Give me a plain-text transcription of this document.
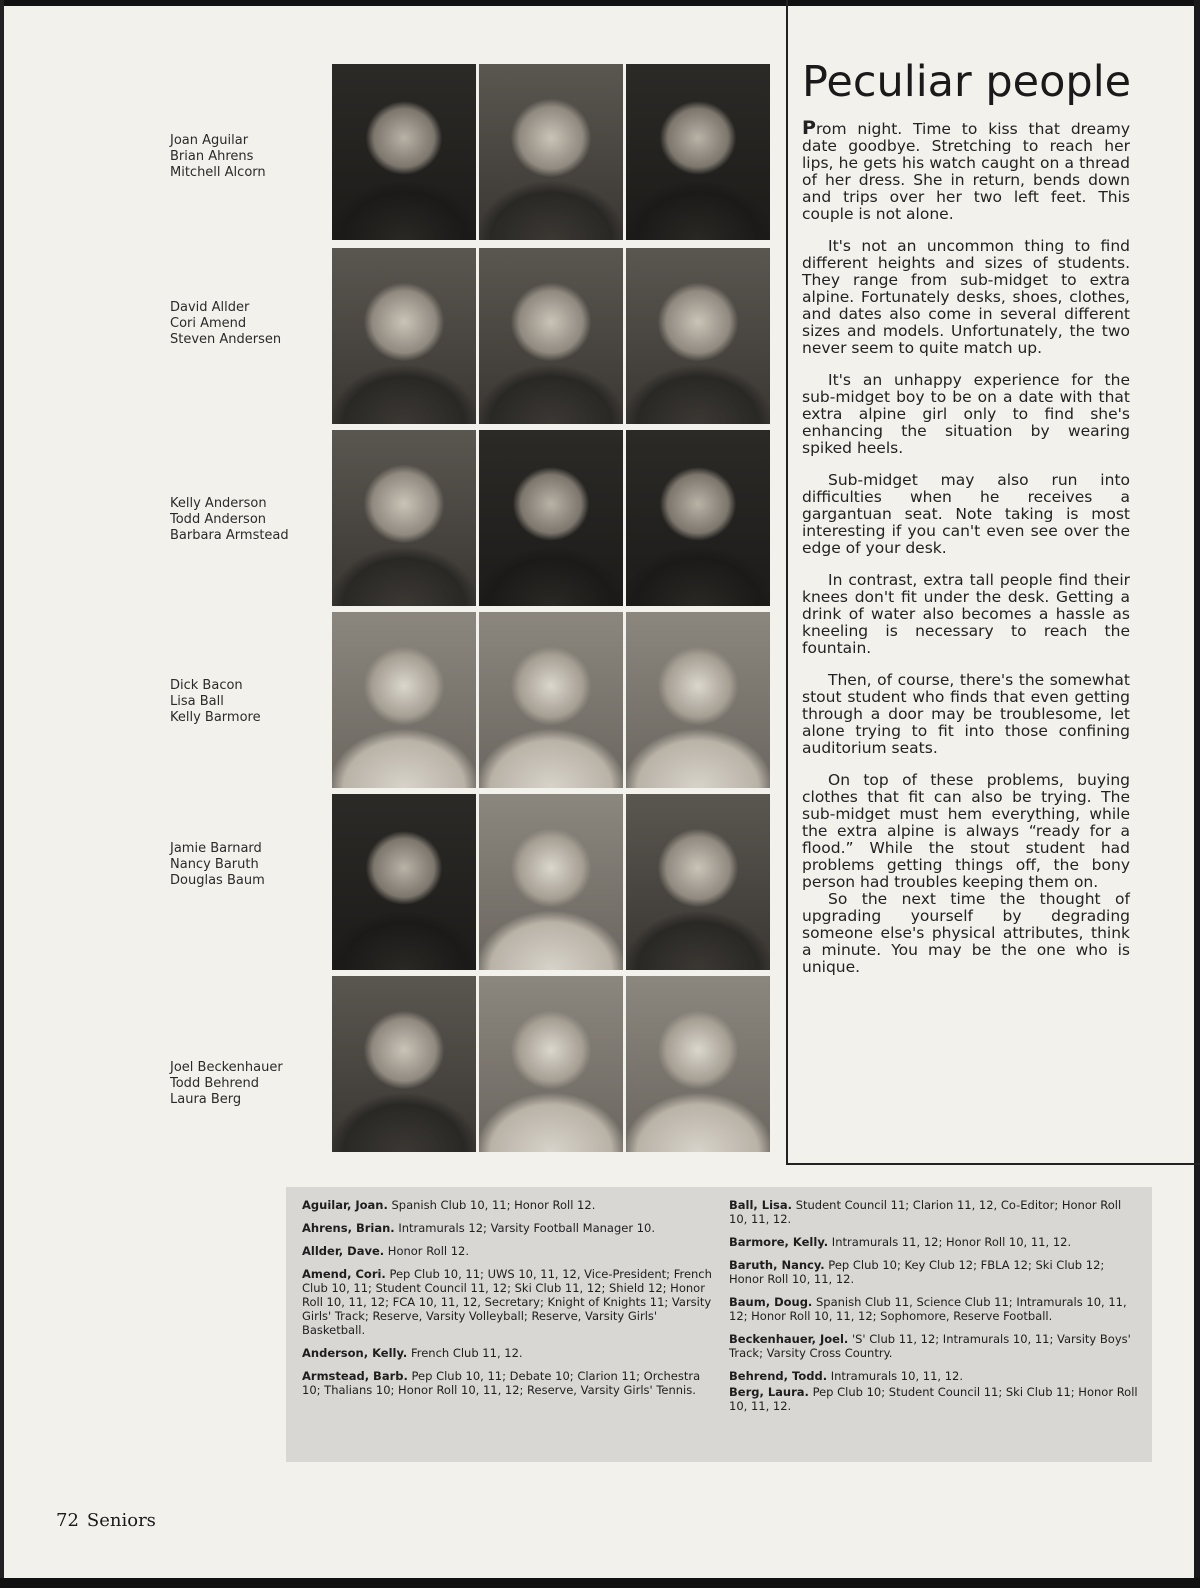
Joan Aguilar
Brian Ahrens
Mitchell Alcorn
David Allder
Cori Amend
Steven Andersen
Kelly Anderson
Todd Anderson
Barbara Armstead
Dick Bacon
Lisa Ball
Kelly Barmore
Jamie Barnard
Nancy Baruth
Douglas Baum
Joel Beckenhauer
Todd Behrend
Laura Berg
Peculiar people

Prom night. Time to kiss that dreamy date goodbye. Stretching to reach her lips, he gets his watch caught on a thread of her dress. She in return, bends down and trips over her two left feet. This couple is not alone.

It's not an uncommon thing to find different heights and sizes of students. They range from sub-midget to extra alpine. Fortunately desks, shoes, clothes, and dates also come in several different sizes and models. Unfortunately, the two never seem to quite match up.

It's an unhappy experience for the sub-midget boy to be on a date with that extra alpine girl only to find she's enhancing the situation by wearing spiked heels.

Sub-midget may also run into difficulties when he receives a gargantuan seat. Note taking is most interesting if you can't even see over the edge of your desk.

In contrast, extra tall people find their knees don't fit under the desk. Getting a drink of water also becomes a hassle as kneeling is necessary to reach the fountain.

Then, of course, there's the somewhat stout student who finds that even getting through a door may be troublesome, let alone trying to fit into those confining auditorium seats.

On top of these problems, buying clothes that fit can also be trying. The sub-midget must hem everything, while the extra alpine is always “ready for a flood.” While the stout student had problems getting things off, the bony person had troubles keeping them on.

So the next time the thought of upgrading yourself by degrading someone else's physical attributes, think a minute. You may be the one who is unique.

Aguilar, Joan. Spanish Club 10, 11; Honor Roll 12.

Ahrens, Brian. Intramurals 12; Varsity Football Manager 10.

Allder, Dave. Honor Roll 12.

Amend, Cori. Pep Club 10, 11; UWS 10, 11, 12, Vice-President; French Club 10, 11; Student Council 11, 12; Ski Club 11, 12; Shield 12; Honor Roll 10, 11, 12; FCA 10, 11, 12, Secretary; Knight of Knights 11; Varsity Girls' Track; Reserve, Varsity Volleyball; Reserve, Varsity Girls' Basketball.

Anderson, Kelly. French Club 11, 12.

Armstead, Barb. Pep Club 10, 11; Debate 10; Clarion 11; Orchestra 10; Thalians 10; Honor Roll 10, 11, 12; Reserve, Varsity Girls' Tennis.

Ball, Lisa. Student Council 11; Clarion 11, 12, Co-Editor; Honor Roll 10, 11, 12.

Barmore, Kelly. Intramurals 11, 12; Honor Roll 10, 11, 12.

Baruth, Nancy. Pep Club 10; Key Club 12; FBLA 12; Ski Club 12; Honor Roll 10, 11, 12.

Baum, Doug. Spanish Club 11, Science Club 11; Intramurals 10, 11, 12; Honor Roll 10, 11, 12; Sophomore, Reserve Football.

Beckenhauer, Joel. 'S' Club 11, 12; Intramurals 10, 11; Varsity Boys' Track; Varsity Cross Country.

Behrend, Todd. Intramurals 10, 11, 12.

Berg, Laura. Pep Club 10; Student Council 11; Ski Club 11; Honor Roll 10, 11, 12.

72 Seniors
